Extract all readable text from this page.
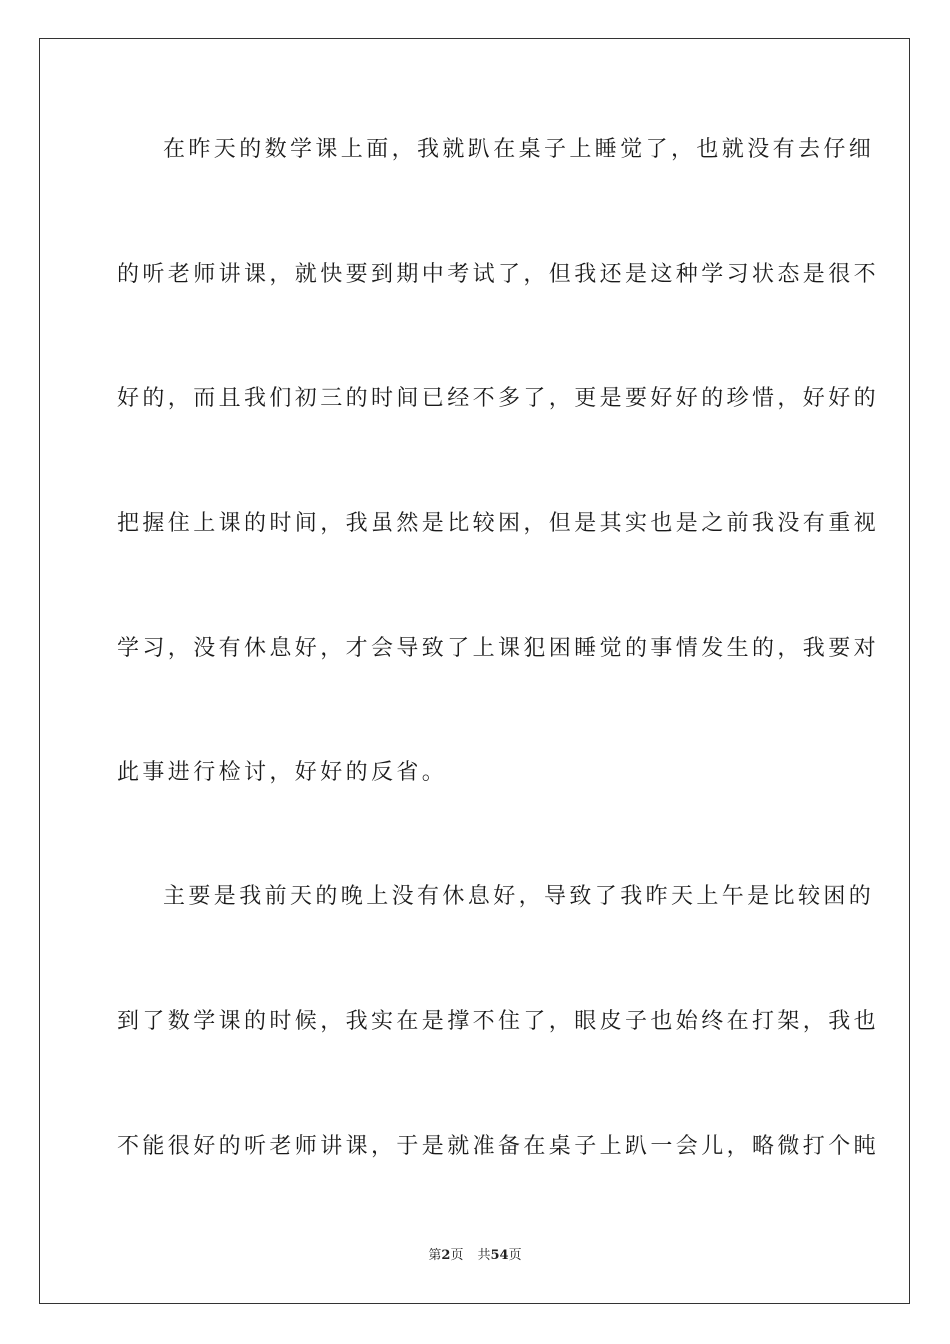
在昨天的数学课上面，我就趴在桌子上睡觉了，也就没有去仔细
的听老师讲课，就快要到期中考试了，但我还是这种学习状态是很不
好的，而且我们初三的时间已经不多了，更是要好好的珍惜，好好的
把握住上课的时间，我虽然是比较困，但是其实也是之前我没有重视
学习，没有休息好，才会导致了上课犯困睡觉的事情发生的，我要对
此事进行检讨，好好的反省。
主要是我前天的晚上没有休息好，导致了我昨天上午是比较困的
到了数学课的时候，我实在是撑不住了，眼皮子也始终在打架，我也
不能很好的听老师讲课，于是就准备在桌子上趴一会儿，略微打个盹
第2页 共54页
